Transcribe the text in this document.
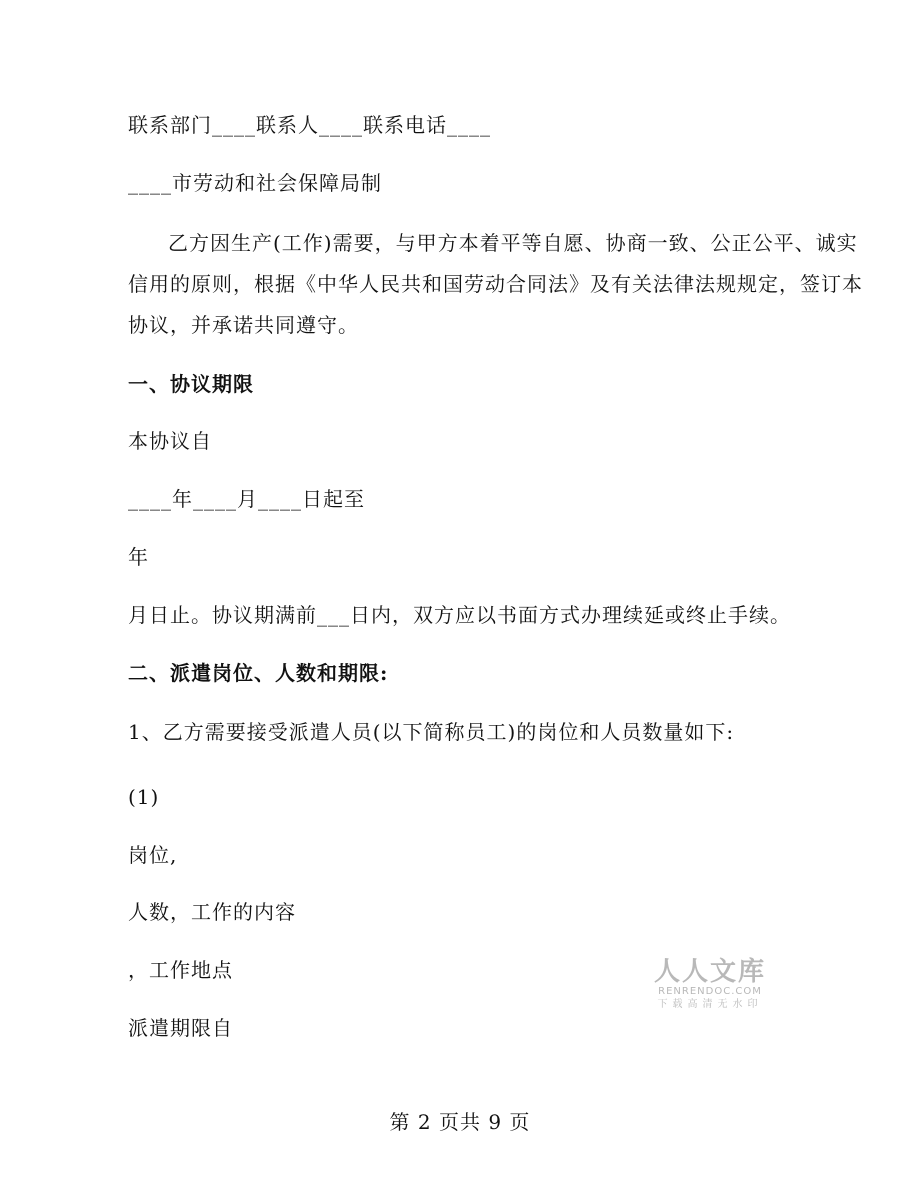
联系部门____联系人____联系电话____
____市劳动和社会保障局制

乙方因生产(工作)需要，与甲方本着平等自愿、协商一致、公正公平、诚实

信用的原则，根据《中华人民共和国劳动合同法》及有关法律法规规定，签订本

协议，并承诺共同遵守。

一、协议期限
本协议自
____年____月____日起至
年
月日止。协议期满前___日内，双方应以书面方式办理续延或终止手续。
二、派遣岗位、人数和期限:
1、乙方需要接受派遣人员(以下简称员工)的岗位和人员数量如下:
(1)
岗位,
人数，工作的内容
，工作地点
派遣期限自
人人文库
RENRENDOC.COM
下载高清无水印
第 2 页共 9 页
